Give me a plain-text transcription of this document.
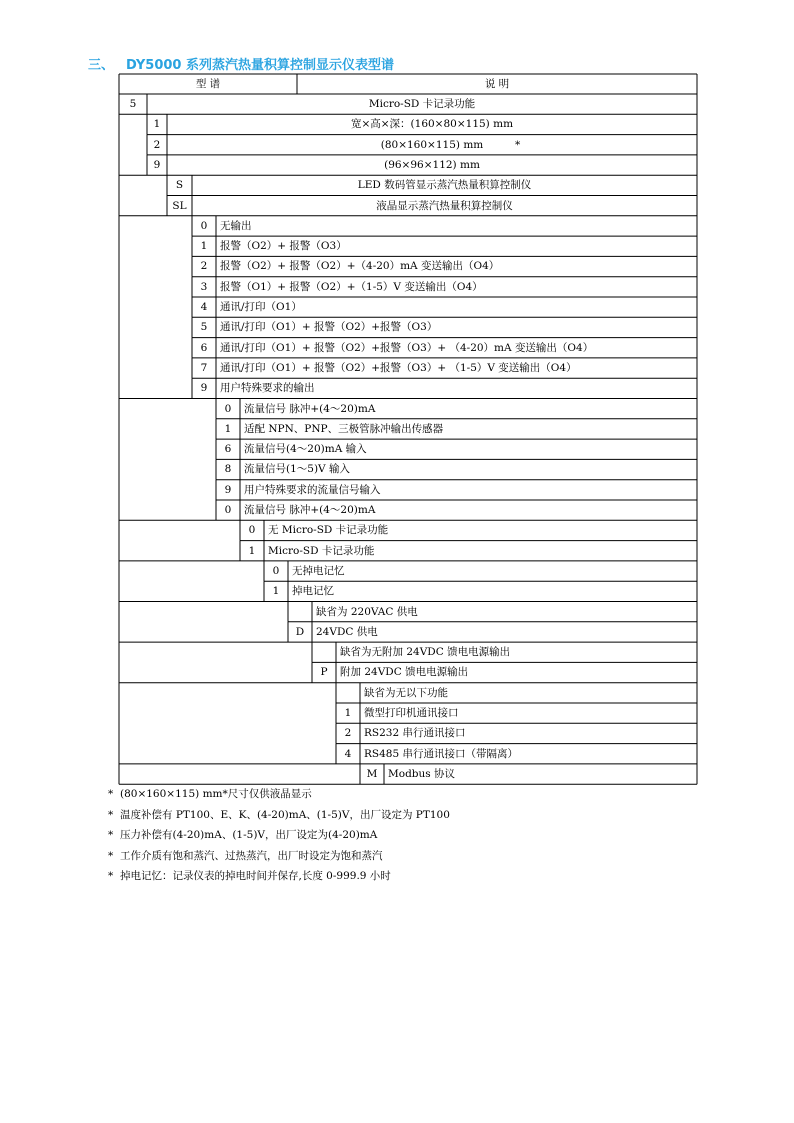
三、 DY5000 系列蒸汽热量积算控制显示仪表型谱
型 谱	说 明
5	Micro-SD 卡记录功能
1	宽×高×深：(160×80×115) mm
2	(80×160×115) mm	*
9	(96×96×112) mm
S	LED 数码管显示蒸汽热量积算控制仪
SL	液晶显示蒸汽热量积算控制仪
0	无输出
1	报警（O2）+ 报警（O3）
2	报警（O2）+ 报警（O2）+（4-20）mA 变送输出（O4）
3	报警（O1）+ 报警（O2）+（1-5）V 变送输出（O4）
4	通讯/打印（O1）
5	通讯/打印（O1）+ 报警（O2）+报警（O3）
6	通讯/打印（O1）+ 报警（O2）+报警（O3）+ （4-20）mA 变送输出（O4）
7	通讯/打印（O1）+ 报警（O2）+报警（O3）+ （1-5）V 变送输出（O4）
9	用户特殊要求的输出
0	流量信号 脉冲+(4～20)mA
1	适配 NPN、PNP、三极管脉冲输出传感器
6	流量信号(4～20)mA 输入
8	流量信号(1～5)V 输入
9	用户特殊要求的流量信号输入
0	流量信号 脉冲+(4～20)mA
0	无 Micro-SD 卡记录功能
1	Micro-SD 卡记录功能
0	无掉电记忆
1	掉电记忆
缺省为 220VAC 供电
D	24VDC 供电
缺省为无附加 24VDC 馈电电源输出
P	附加 24VDC 馈电电源输出
缺省为无以下功能
1	微型打印机通讯接口
2	RS232 串行通讯接口
4	RS485 串行通讯接口（带隔离）
M	Modbus 协议
* (80×160×115) mm*尺寸仅供液晶显示
* 温度补偿有 PT100、E、K、(4-20)mA、(1-5)V，出厂设定为 PT100
* 压力补偿有(4-20)mA、(1-5)V，出厂设定为(4-20)mA
* 工作介质有饱和蒸汽、过热蒸汽，出厂时设定为饱和蒸汽
* 掉电记忆：记录仪表的掉电时间并保存,长度 0-999.9 小时
